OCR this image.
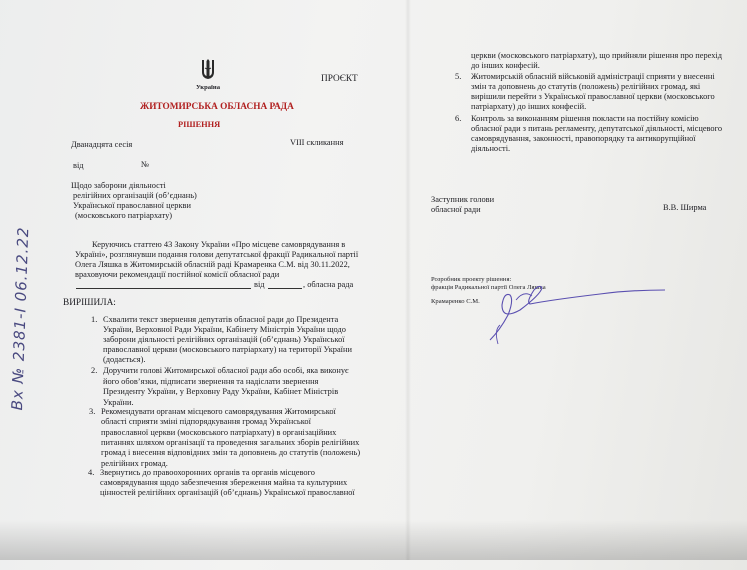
Україна
ПРОЄКТ
ЖИТОМИРСЬКА ОБЛАСНА РАДА
РІШЕННЯ
Дванадцята сесія	VIII скликання
від	№
Щодо заборони діяльності
релігійних організацій (об’єднань)
Української православної церкви
(московського патріархату)
Керуючись статтею 43 Закону України «Про місцеве самоврядування в
Україні», розглянувши подання голови депутатської фракції Радикальної партії
Олега Ляшка в Житомирській обласній раді Крамаренка С.М. від 30.11.2022,
враховуючи рекомендації постійної комісії обласної ради
від	, обласна рада
ВИРІШИЛА:
1. Схвалити текст звернення депутатів обласної ради до Президента
України, Верховної Ради України, Кабінету Міністрів України щодо
заборони діяльності релігійних організацій (об’єднань) Української
православної церкви (московського патріархату) на території України
(додається).
2. Доручити голові Житомирської обласної ради або особі, яка виконує
його обов’язки, підписати звернення та надіслати звернення
Президенту України, у Верховну Раду України, Кабінет Міністрів
України.
3. Рекомендувати органам місцевого самоврядування Житомирської
області сприяти зміні підпорядкування громад Української
православної церкви (московського патріархату) в організаційних
питаннях шляхом організації та проведення загальних зборів релігійних
громад і внесення відповідних змін та доповнень до статутів (положень)
релігійних громад.
4. Звернутись до правоохоронних органів та органів місцевого
самоврядування щодо забезпечення збереження майна та культурних
цінностей релігійних організацій (об’єднань) Української православної
Вх № 2381-I 06.12.22
церкви (московського патріархату), що прийняли рішення про перехід
до інших конфесій.
5. Житомирській обласній військовій адміністрації сприяти у внесенні
змін та доповнень до статутів (положень) релігійних громад, які
вирішили перейти з Української православної церкви (московського
патріархату) до інших конфесій.
6. Контроль за виконанням рішення покласти на постійну комісію
обласної ради з питань регламенту, депутатської діяльності, місцевого
самоврядування, законності, правопорядку та антикорупційної
діяльності.
Заступник голови
обласної ради	В.В. Ширма
Розробник проекту рішення:
фракція Радикальної партії Олега Ляшка
Крамаренко С.М.
